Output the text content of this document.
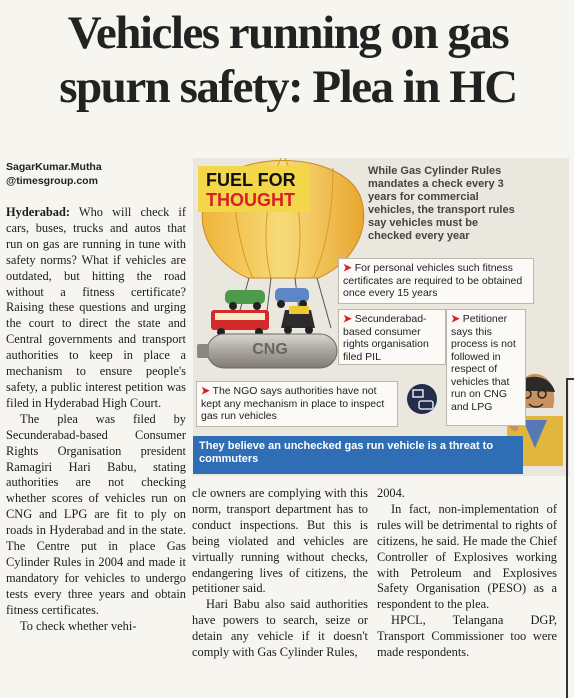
Vehicles running on gas
spurn safety: Plea in HC
SagarKumar.Mutha
@timesgroup.com

Hyderabad: Who will check if cars, buses, trucks and autos that run on gas are running in tune with safety norms? What if vehicles are outdated, but hitting the road without a fitness certificate? Raising these questions and urging the court to direct the state and Central governments and transport authorities to keep in place a mechanism to ensure people's safety, a public interest petition was filed in Hyderabad High Court.

The plea was filed by Secunderabad-based Consumer Rights Organisation president Ramagiri Hari Babu, stating authorities are not checking whether scores of vehicles run on CNG and LPG are fit to ply on roads in Hyderabad and in the state. The Centre put in place Gas Cylinder Rules in 2004 and made it mandatory for vehicles to undergo tests every three years and obtain fitness certificates.

To check whether vehi-

FUEL FOR
THOUGHT
CNG
While Gas Cylinder Rules mandates a check every 3 years for commercial vehicles, the transport rules say vehicles must be checked every year
➤ For personal vehicles such fitness certificates are required to be obtained once every 15 years
➤ Secunderabad-based consumer rights organisation filed PIL
➤ Petitioner says this process is not followed in respect of vehicles that run on CNG and LPG
➤ The NGO says authorities have not kept any mechanism in place to inspect gas run vehicles
They believe an unchecked gas run vehicle is a threat to commuters

cle owners are complying with this norm, transport department has to conduct inspections. But this is being violated and vehicles are virtually running without checks, endangering lives of citizens, the petitioner said.

Hari Babu also said authorities have powers to search, seize or detain any vehicle if it doesn't comply with Gas Cylinder Rules,

2004.

In fact, non-implementation of rules will be detrimental to rights of citizens, he said. He made the Chief Controller of Explosives working with Petroleum and Explosives Safety Organisation (PESO) as a respondent to the plea.

HPCL, Telangana DGP, Transport Commissioner too were made respondents.
